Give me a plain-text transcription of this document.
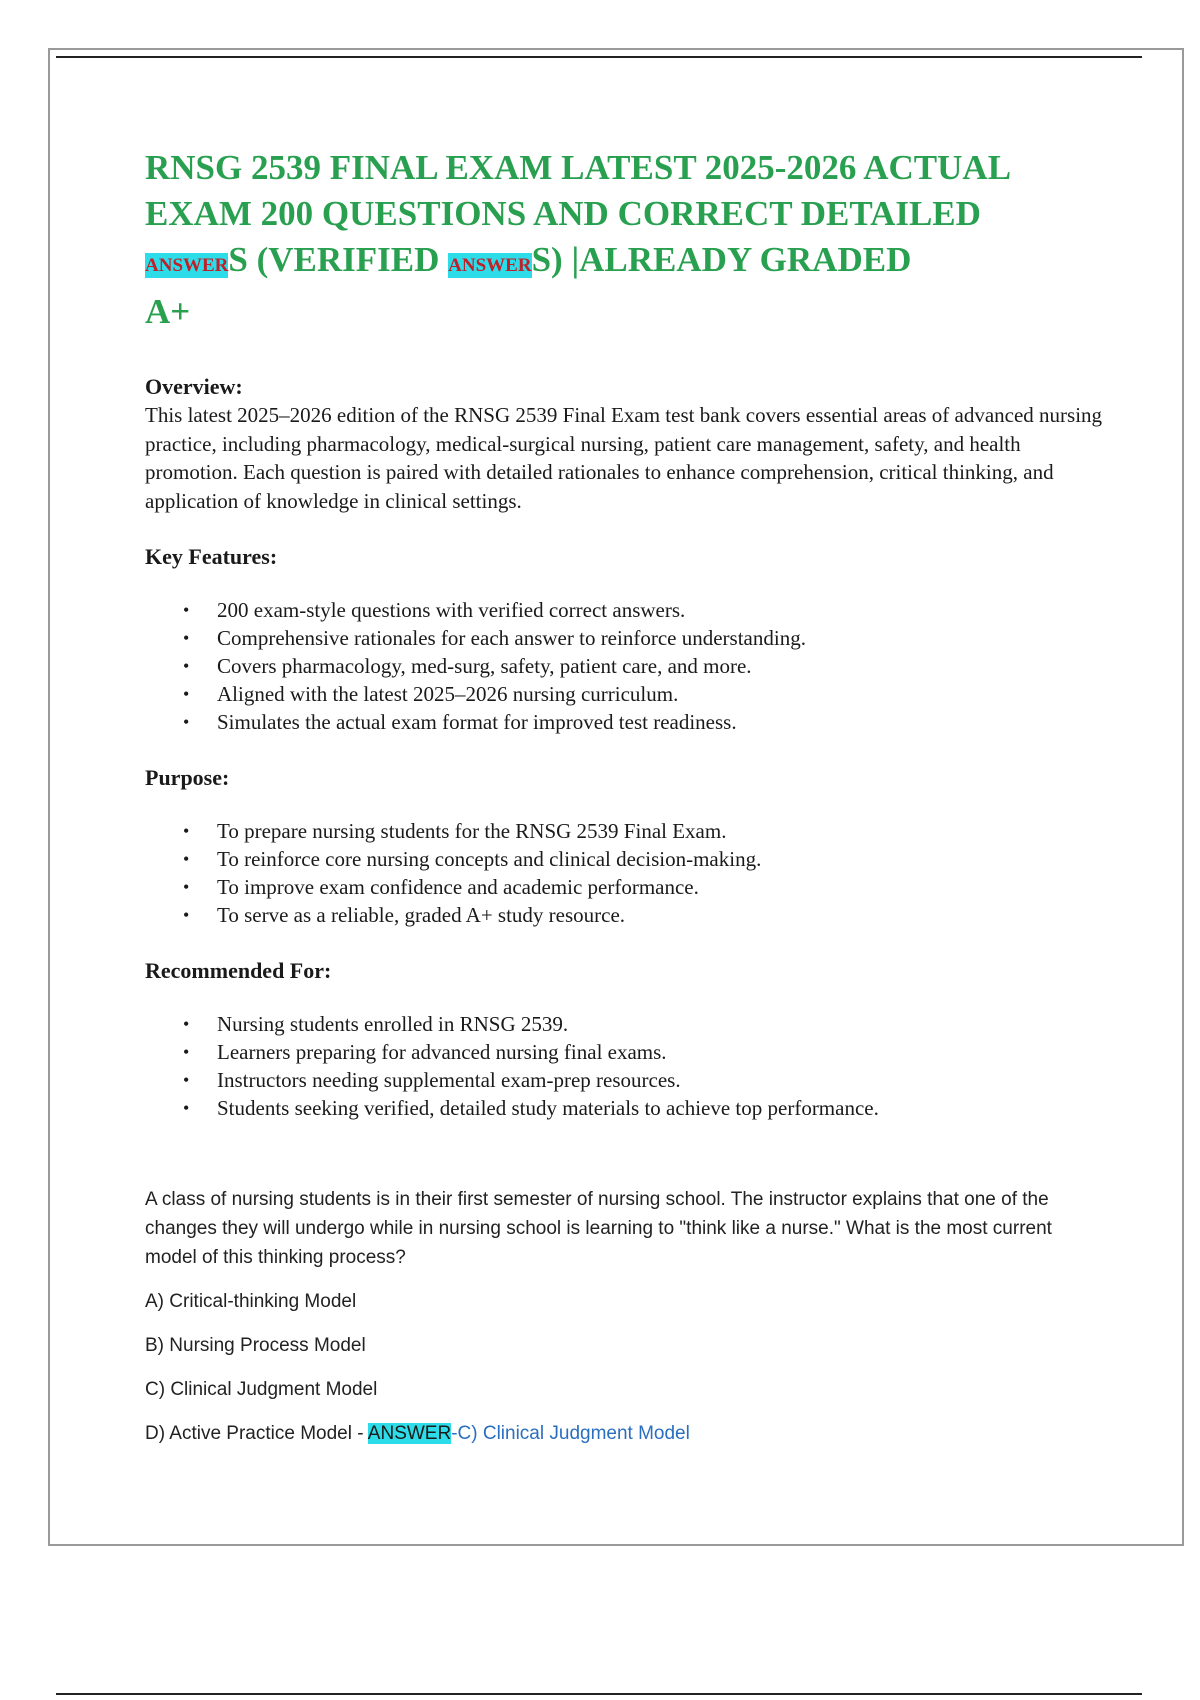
RNSG 2539 FINAL EXAM LATEST 2025-2026 ACTUAL
EXAM 200 QUESTIONS AND CORRECT DETAILED
ANSWERS (VERIFIED ANSWERS) |ALREADY GRADED
A+

Overview:

This latest 2025–2026 edition of the RNSG 2539 Final Exam test bank covers essential areas of advanced nursing practice, including pharmacology, medical-surgical nursing, patient care management, safety, and health promotion. Each question is paired with detailed rationales to enhance comprehension, critical thinking, and application of knowledge in clinical settings.

Key Features:

• 200 exam-style questions with verified correct answers.
• Comprehensive rationales for each answer to reinforce understanding.
• Covers pharmacology, med-surg, safety, patient care, and more.
• Aligned with the latest 2025–2026 nursing curriculum.
• Simulates the actual exam format for improved test readiness.

Purpose:

• To prepare nursing students for the RNSG 2539 Final Exam.
• To reinforce core nursing concepts and clinical decision-making.
• To improve exam confidence and academic performance.
• To serve as a reliable, graded A+ study resource.

Recommended For:

• Nursing students enrolled in RNSG 2539.
• Learners preparing for advanced nursing final exams.
• Instructors needing supplemental exam-prep resources.
• Students seeking verified, detailed study materials to achieve top performance.

A class of nursing students is in their first semester of nursing school. The instructor explains that one of the changes they will undergo while in nursing school is learning to "think like a nurse." What is the most current model of this thinking process?

A) Critical-thinking Model

B) Nursing Process Model

C) Clinical Judgment Model

D) Active Practice Model - ANSWER-C) Clinical Judgment Model
